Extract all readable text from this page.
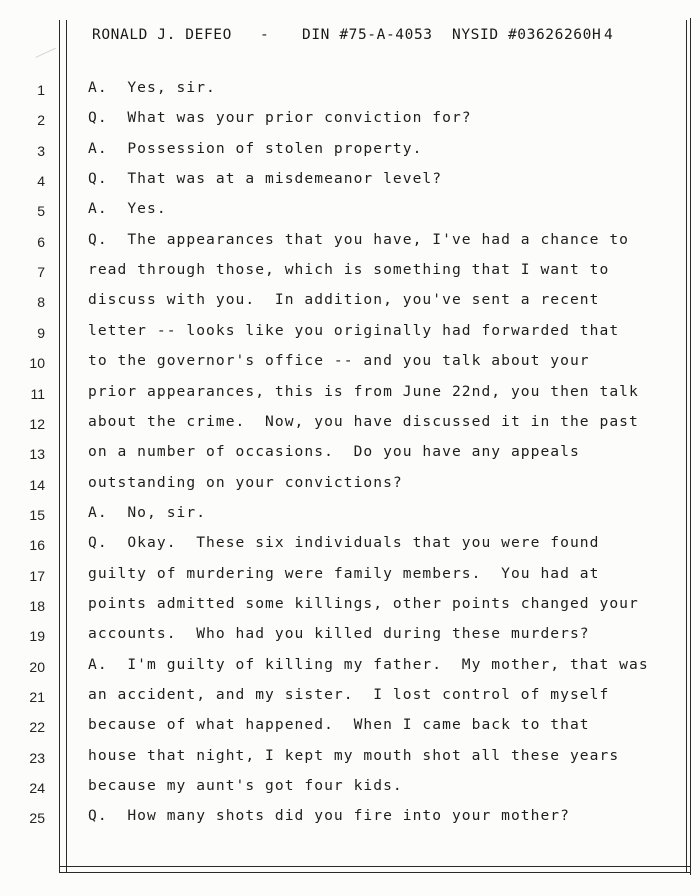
RONALD J. DEFEO - DIN #75-A-4053 NYSID #03626260H 4
1	A.  Yes, sir.
2	Q.  What was your prior conviction for?
3	A.  Possession of stolen property.
4	Q.  That was at a misdemeanor level?
5	A.  Yes.
6	Q.  The appearances that you have, I've had a chance to
7	read through those, which is something that I want to
8	discuss with you.  In addition, you've sent a recent
9	letter -- looks like you originally had forwarded that
10	to the governor's office -- and you talk about your
11	prior appearances, this is from June 22nd, you then talk
12	about the crime.  Now, you have discussed it in the past
13	on a number of occasions.  Do you have any appeals
14	outstanding on your convictions?
15	A.  No, sir.
16	Q.  Okay.  These six individuals that you were found
17	guilty of murdering were family members.  You had at
18	points admitted some killings, other points changed your
19	accounts.  Who had you killed during these murders?
20	A.  I'm guilty of killing my father.  My mother, that was
21	an accident, and my sister.  I lost control of myself
22	because of what happened.  When I came back to that
23	house that night, I kept my mouth shot all these years
24	because my aunt's got four kids.
25	Q.  How many shots did you fire into your mother?
